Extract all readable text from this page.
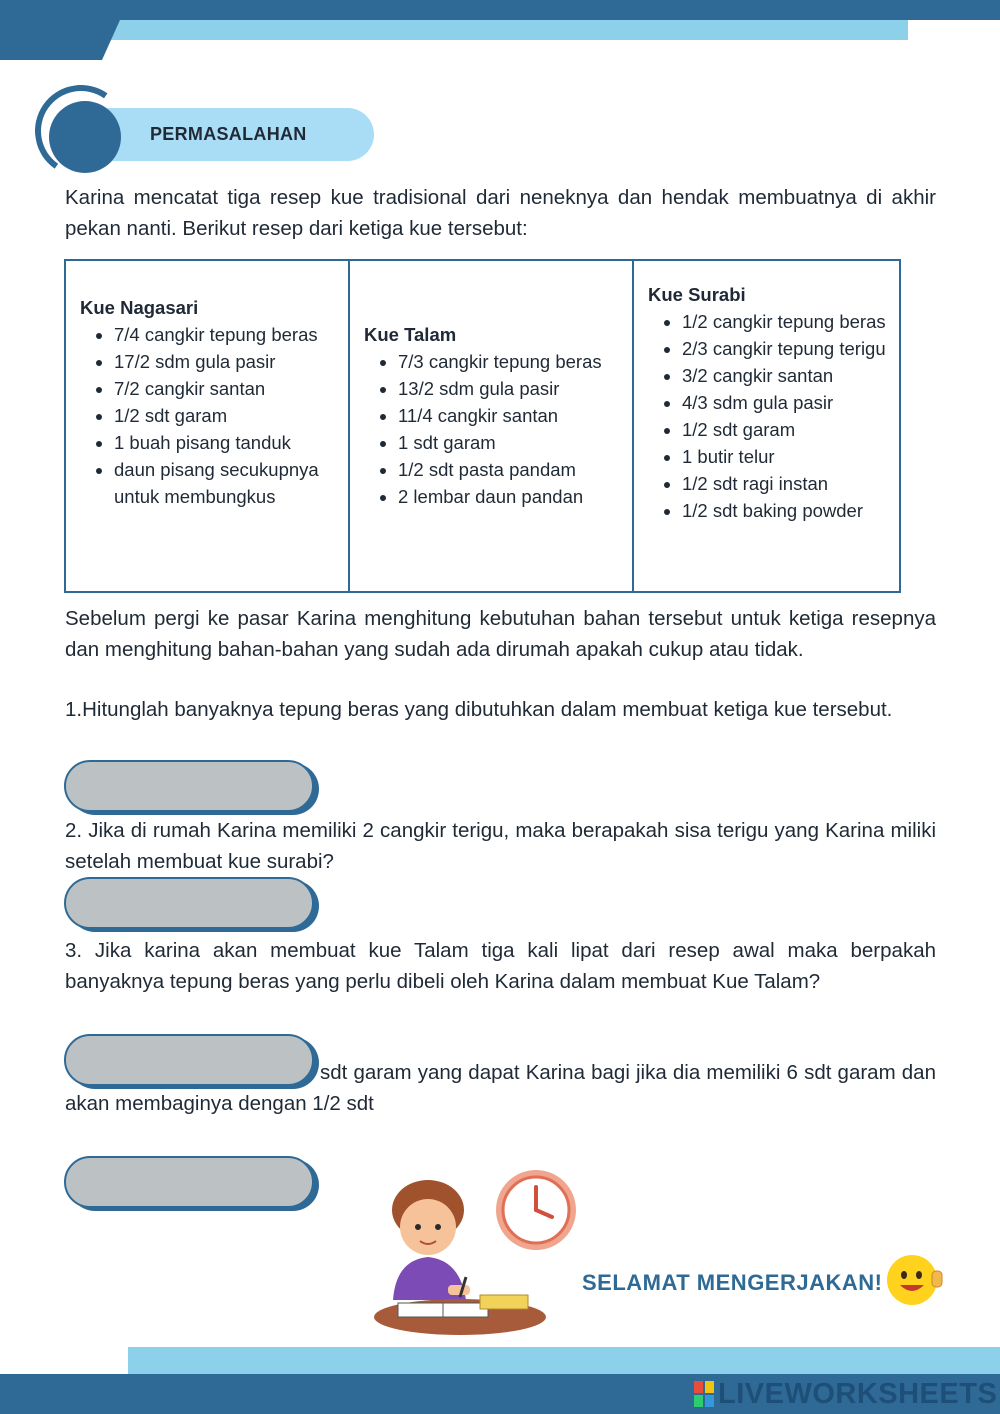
PERMASALAHAN
Karina mencatat tiga resep kue tradisional dari neneknya dan hendak membuatnya di akhir pekan nanti. Berikut resep dari ketiga kue tersebut:
Kue Nagasari
• 7/4 cangkir tepung beras
• 17/2 sdm gula pasir
• 7/2 cangkir santan
• 1/2 sdt garam
• 1 buah pisang tanduk
• daun pisang secukupnya untuk membungkus
Kue Talam
• 7/3 cangkir tepung beras
• 13/2 sdm gula pasir
• 11/4 cangkir santan
• 1 sdt garam
• 1/2 sdt pasta pandam
• 2 lembar daun pandan
Kue Surabi
• 1/2 cangkir tepung beras
• 2/3 cangkir tepung terigu
• 3/2 cangkir santan
• 4/3 sdm gula pasir
• 1/2 sdt garam
• 1 butir telur
• 1/2 sdt ragi instan
• 1/2 sdt baking powder
Sebelum pergi ke pasar Karina menghitung kebutuhan bahan tersebut untuk ketiga resepnya dan menghitung bahan-bahan yang sudah ada dirumah apakah cukup atau tidak.
1.Hitunglah banyaknya tepung beras yang dibutuhkan dalam membuat ketiga kue tersebut.
2. Jika di rumah Karina memiliki 2 cangkir terigu, maka berapakah sisa terigu yang Karina miliki setelah membuat kue surabi?
3. Jika karina akan membuat kue Talam tiga kali lipat dari resep awal maka berpakah banyaknya tepung beras yang perlu dibeli oleh Karina dalam membuat Kue Talam?
sdt garam yang dapat Karina bagi jika dia memiliki 6 sdt garam dan akan membaginya dengan 1/2 sdt
SELAMAT MENGERJAKAN!
LIVEWORKSHEETS
